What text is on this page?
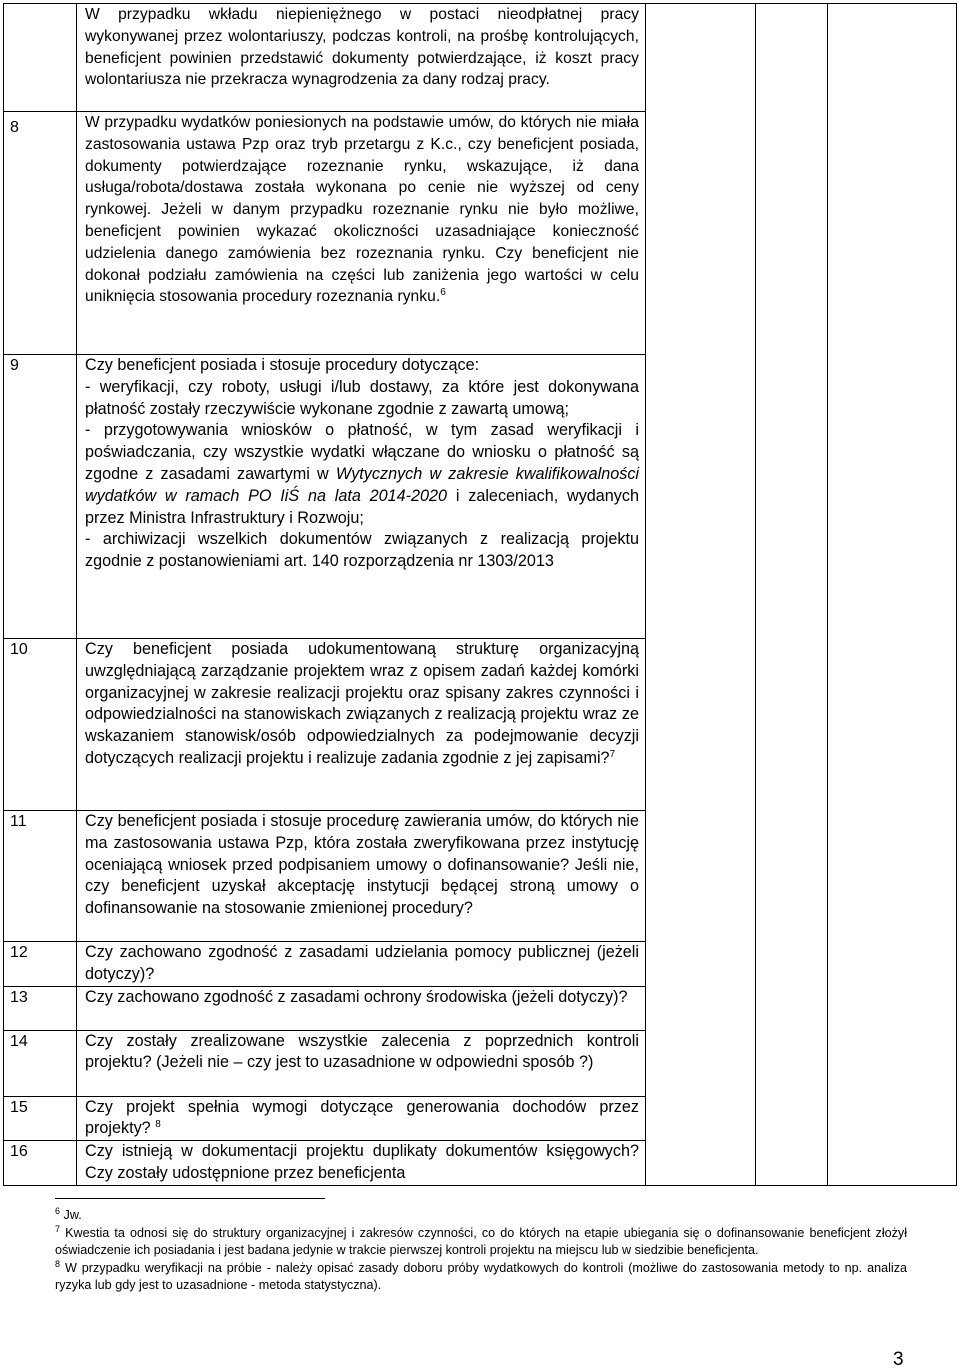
	W przypadku wkładu niepieniężnego w postaci nieodpłatnej pracy wykonywanej przez wolontariuszy, podczas kontroli, na prośbę kontrolujących, beneficjent powinien przedstawić dokumenty potwierdzające, iż koszt pracy wolontariusza nie przekracza wynagrodzenia za dany rodzaj pracy.			
8	W przypadku wydatków poniesionych na podstawie umów, do których nie miała zastosowania ustawa Pzp oraz tryb przetargu z K.c., czy beneficjent posiada, dokumenty potwierdzające rozeznanie rynku, wskazujące, iż dana usługa/robota/dostawa została wykonana po cenie nie wyższej od ceny rynkowej. Jeżeli w danym przypadku rozeznanie rynku nie było możliwe, beneficjent powinien wykazać okoliczności uzasadniające konieczność udzielenia danego zamówienia bez rozeznania rynku. Czy beneficjent nie dokonał podziału zamówienia na części lub zaniżenia jego wartości w celu uniknięcia stosowania procedury rozeznania rynku.$^6$
9	Czy beneficjent posiada i stosuje procedury dotyczące:
- weryfikacji, czy roboty, usługi i/lub dostawy, za które jest dokonywana płatność zostały rzeczywiście wykonane zgodnie z zawartą umową;
- przygotowywania wniosków o płatność, w tym zasad weryfikacji i poświadczania, czy wszystkie wydatki włączane do wniosku o płatność są zgodne z zasadami zawartymi w Wytycznych w zakresie kwalifikowalności wydatków w ramach PO IiŚ na lata 2014-2020 i zaleceniach, wydanych przez Ministra Infrastruktury i Rozwoju;
- archiwizacji wszelkich dokumentów związanych z realizacją projektu zgodnie z postanowieniami art. 140 rozporządzenia nr 1303/2013			

10	Czy beneficjent posiada udokumentowaną strukturę organizacyjną uwzględniającą zarządzanie projektem wraz z opisem zadań każdej komórki organizacyjnej w zakresie realizacji projektu oraz spisany zakres czynności i odpowiedzialności na stanowiskach związanych z realizacją projektu wraz ze wskazaniem stanowisk/osób odpowiedzialnych za podejmowanie decyzji dotyczących realizacji projektu i realizuje zadania zgodnie z jej zapisami?$^7$
11	Czy beneficjent posiada i stosuje procedurę zawierania umów, do których nie ma zastosowania ustawa Pzp, która została zweryfikowana przez instytucję oceniającą wniosek przed podpisaniem umowy o dofinansowanie? Jeśli nie, czy beneficjent uzyskał akceptację instytucji będącej stroną umowy o dofinansowanie na stosowanie zmienionej procedury?			
12	Czy zachowano zgodność z zasadami udzielania pomocy publicznej (jeżeli dotyczy)?			
13	Czy zachowano zgodność z zasadami ochrony środowiska (jeżeli dotyczy)?			
14	Czy zostały zrealizowane wszystkie zalecenia z poprzednich kontroli projektu? (Jeżeli nie – czy jest to uzasadnione w odpowiedni sposób ?)			
15	Czy projekt spełnia wymogi dotyczące generowania dochodów przez projekty? $^8$
16	Czy istnieją w dokumentacji projektu duplikaty dokumentów księgowych? Czy zostały udostępnione przez beneficjenta			
$^6$ Jw.
$^7$ Kwestia ta odnosi się do struktury organizacyjnej i zakresów czynności, co do których na etapie ubiegania się o dofinansowanie beneficjent złożył oświadczenie ich posiadania i jest badana jedynie w trakcie pierwszej kontroli projektu na miejscu lub w siedzibie beneficjenta.
$^8$ W przypadku weryfikacji na próbie - należy opisać zasady doboru próby wydatkowych do kontroli (możliwe do zastosowania metody to np. analiza ryzyka lub gdy jest to uzasadnione - metoda statystyczna).
3
